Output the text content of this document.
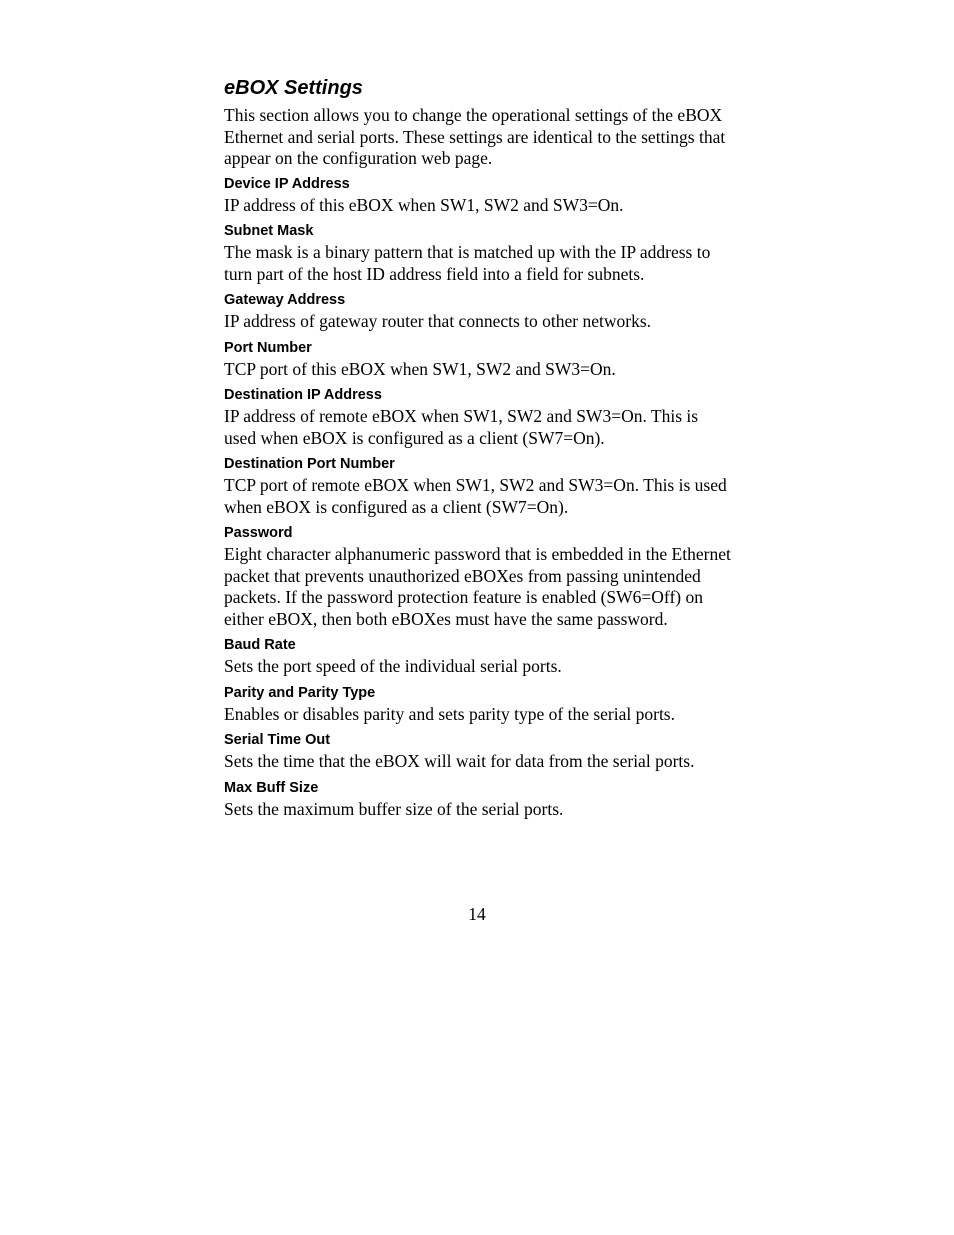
eBOX Settings

This section allows you to change the operational settings of the eBOX Ethernet and serial ports. These settings are identical to the settings that appear on the configuration web page.

Device IP Address

IP address of this eBOX when SW1, SW2 and SW3=On.

Subnet Mask

The mask is a binary pattern that is matched up with the IP address to turn part of the host ID address field into a field for subnets.

Gateway Address

IP address of gateway router that connects to other networks.

Port Number

TCP port of this eBOX when SW1, SW2 and SW3=On.

Destination IP Address

IP address of remote eBOX when SW1, SW2 and SW3=On. This is used when eBOX is configured as a client (SW7=On).

Destination Port Number

TCP port of remote eBOX when SW1, SW2 and SW3=On. This is used when eBOX is configured as a client (SW7=On).

Password

Eight character alphanumeric password that is embedded in the Ethernet packet that prevents unauthorized eBOXes from passing unintended packets. If the password protection feature is enabled (SW6=Off) on either eBOX, then both eBOXes must have the same password.

Baud Rate

Sets the port speed of the individual serial ports.

Parity and Parity Type

Enables or disables parity and sets parity type of the serial ports.

Serial Time Out

Sets the time that the eBOX will wait for data from the serial ports.

Max Buff Size

Sets the maximum buffer size of the serial ports.

14
